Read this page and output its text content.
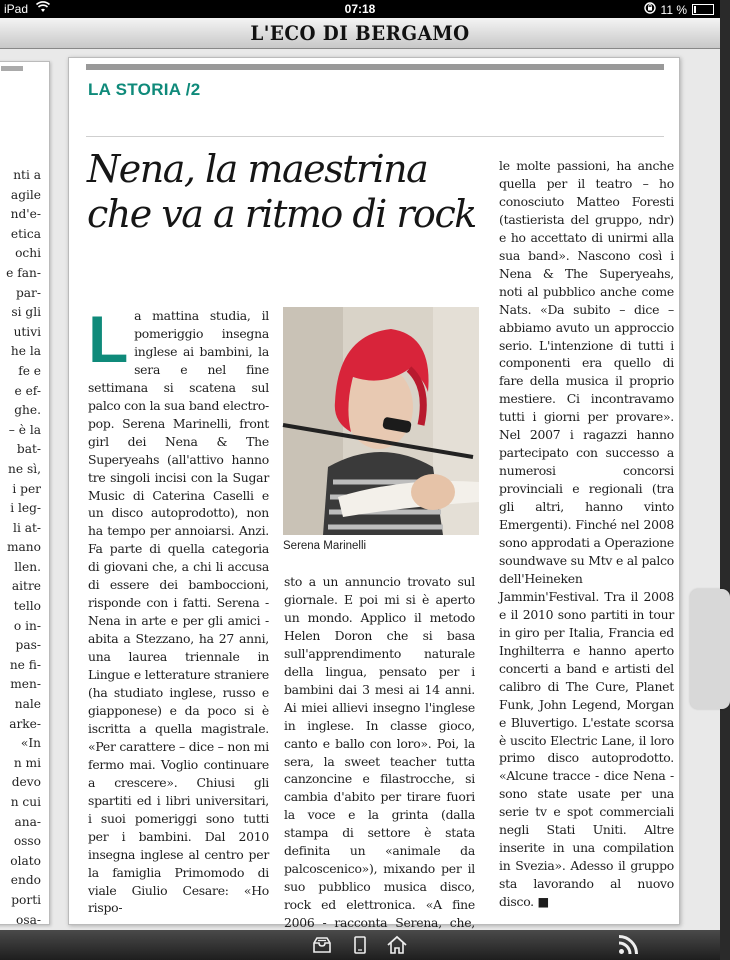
iPad	07:18	11 %
L'ECO DI BERGAMO
nti a
agile
nd'e-
etica
ochi
e fan-
par-
si gli
utivi
he la
fe e
e ef-
ghe.
– è la
bat-
ne sì,
i per
i leg-
li at-
mano
llen.
aitre
tello
o in-
pas-
ne fi-
men-
nale
arke-
«In
n mi
devo
n cui
ana-
osso
olato
endo
porti
osa-
LA STORIA /2
Nena, la maestrina
che va a ritmo di rock
La mattina studia, il pomeriggio insegna inglese ai bambini, la sera e nel fine settimana si scatena sul palco con la sua band electro-pop. Serena Marinelli, front girl dei Nena & The Superyeahs (all'attivo hanno tre singoli incisi con la Sugar Music di Caterina Caselli e un disco autoprodotto), non ha tempo per annoiarsi. Anzi. Fa parte di quella categoria di giovani che, a chi li accusa di essere dei bamboccioni, risponde con i fatti. Serena - Nena in arte e per gli amici - abita a Stezzano, ha 27 anni, una laurea triennale in Lingue e letterature straniere (ha studiato inglese, russo e giapponese) e da poco si è iscritta a quella magistrale. «Per carattere – dice – non mi fermo mai. Voglio continuare a crescere». Chiusi gli spartiti ed i libri universitari, i suoi pomeriggi sono tutti per i bambini. Dal 2010 insegna inglese al centro per la famiglia Primomodo di viale Giulio Cesare: «Ho rispo-
Serena Marinelli
sto a un annuncio trovato sul giornale. E poi mi si è aperto un mondo. Applico il metodo Helen Doron che si basa sull'apprendimento naturale della lingua, pensato per i bambini dai 3 mesi ai 14 anni. Ai miei allievi insegno l'inglese in inglese. In classe gioco, canto e ballo con loro». Poi, la sera, la sweet teacher tutta canzoncine e filastrocche, si cambia d'abito per tirare fuori la voce e la grinta (dalla stampa di settore è stata definita un «animale da palcoscenico»), mixando per il suo pubblico musica disco, rock ed elettronica. «A fine 2006 - racconta Serena, che,
le molte passioni, ha anche quella per il teatro – ho conosciuto Matteo Foresti (tastierista del gruppo, ndr) e ho accettato di unirmi alla sua band». Nascono così i Nena & The Superyeahs, noti al pubblico anche come Nats. «Da subito – dice – abbiamo avuto un approccio serio. L'intenzione di tutti i componenti era quello di fare della musica il proprio mestiere. Ci incontravamo tutti i giorni per provare». Nel 2007 i ragazzi hanno partecipato con successo a numerosi concorsi provinciali e regionali (tra gli altri, hanno vinto Emergenti). Finché nel 2008 sono approdati a Operazione soundwave su Mtv e al palco dell'Heineken Jammin'Festival. Tra il 2008 e il 2010 sono partiti in tour in giro per Italia, Francia ed Inghilterra e hanno aperto concerti a band e artisti del calibro di The Cure, Planet Funk, John Legend, Morgan e Bluvertigo. L'estate scorsa è uscito Electric Lane, il loro primo disco autoprodotto. «Alcune tracce - dice Nena - sono state usate per una serie tv e spot commerciali negli Stati Uniti. Altre inserite in una compilation in Svezia». Adesso il gruppo sta lavorando al nuovo disco. ■
